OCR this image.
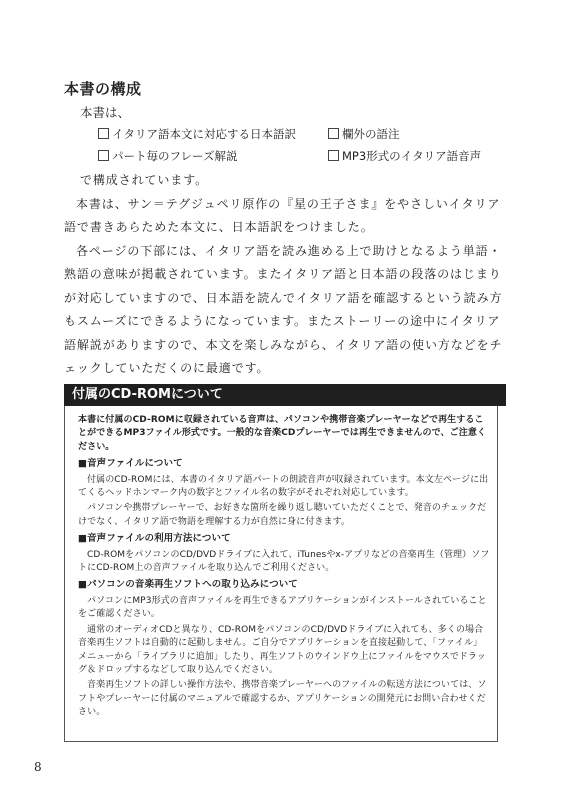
本書の構成
本書は、
イタリア語本文に対応する日本語訳	欄外の語注
パート毎のフレーズ解説	MP3形式のイタリア語音声

で構成されています。

本書は、サン＝テグジュペリ原作の『星の王子さま』をやさしいイタリア語で書きあらためた本文に、日本語訳をつけました。

各ページの下部には、イタリア語を読み進める上で助けとなるよう単語・熟語の意味が掲載されています。またイタリア語と日本語の段落のはじまりが対応していますので、日本語を読んでイタリア語を確認するという読み方もスムーズにできるようになっています。またストーリーの途中にイタリア語解説がありますので、本文を楽しみながら、イタリア語の使い方などをチェックしていただくのに最適です。

付属のCD-ROMについて

本書に付属のCD-ROMに収録されている音声は、パソコンや携帯音楽プレーヤーなどで再生することができるMP3ファイル形式です。一般的な音楽CDプレーヤーでは再生できませんので、ご注意ください。

■音声ファイルについて

付属のCD-ROMには、本書のイタリア語パートの朗読音声が収録されています。本文左ページに出てくるヘッドホンマーク内の数字とファイル名の数字がそれぞれ対応しています。

パソコンや携帯プレーヤーで、お好きな箇所を繰り返し聴いていただくことで、発音のチェックだけでなく、イタリア語で物語を理解する力が自然に身に付きます。

■音声ファイルの利用方法について

CD-ROMをパソコンのCD/DVDドライブに入れて、iTunesやx-アプリなどの音楽再生（管理）ソフトにCD-ROM上の音声ファイルを取り込んでご利用ください。

■パソコンの音楽再生ソフトへの取り込みについて

パソコンにMP3形式の音声ファイルを再生できるアプリケーションがインストールされていることをご確認ください。

通常のオーディオCDと異なり、CD-ROMをパソコンのCD/DVDドライブに入れても、多くの場合音楽再生ソフトは自動的に起動しません。ご自分でアプリケーションを直接起動して、「ファイル」メニューから「ライブラリに追加」したり、再生ソフトのウインドウ上にファイルをマウスでドラッグ＆ドロップするなどして取り込んでください。

音楽再生ソフトの詳しい操作方法や、携帯音楽プレーヤーへのファイルの転送方法については、ソフトやプレーヤーに付属のマニュアルで確認するか、アプリケーションの開発元にお問い合わせください。

8
